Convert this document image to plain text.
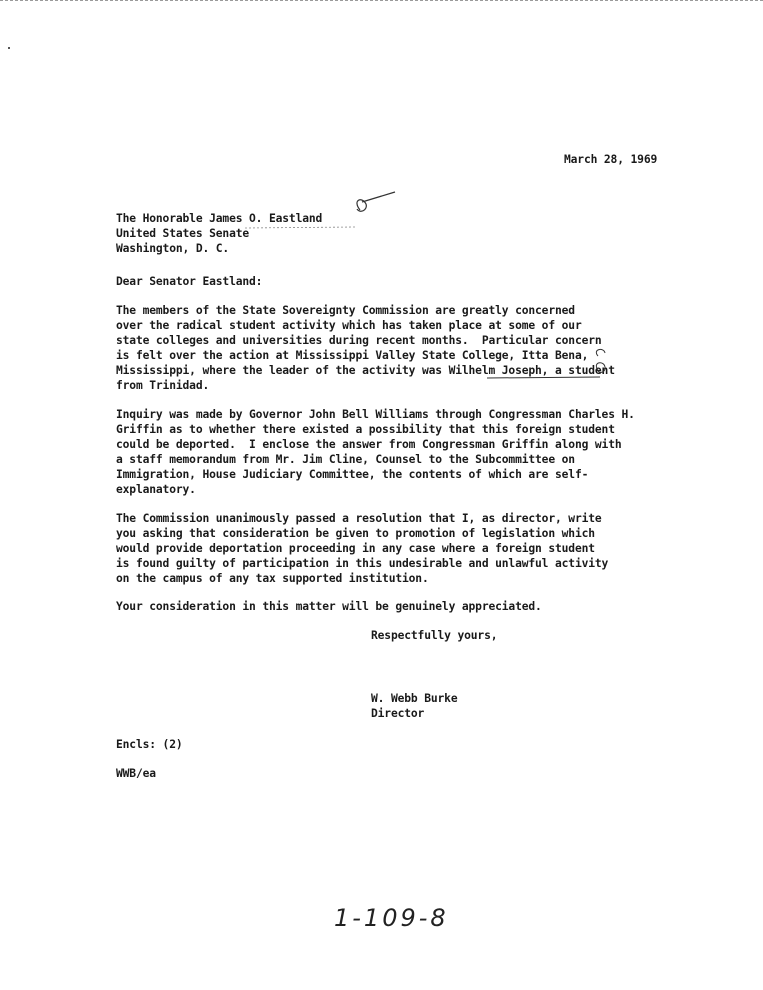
March 28, 1969
The Honorable James O. Eastland
United States Senate
Washington, D. C.
Dear Senator Eastland:
The members of the State Sovereignty Commission are greatly concerned
over the radical student activity which has taken place at some of our
state colleges and universities during recent months.  Particular concern
is felt over the action at Mississippi Valley State College, Itta Bena,
Mississippi, where the leader of the activity was Wilhelm Joseph, a student
from Trinidad.
Inquiry was made by Governor John Bell Williams through Congressman Charles H.
Griffin as to whether there existed a possibility that this foreign student
could be deported.  I enclose the answer from Congressman Griffin along with
a staff memorandum from Mr. Jim Cline, Counsel to the Subcommittee on
Immigration, House Judiciary Committee, the contents of which are self-
explanatory.
The Commission unanimously passed a resolution that I, as director, write
you asking that consideration be given to promotion of legislation which
would provide deportation proceeding in any case where a foreign student
is found guilty of participation in this undesirable and unlawful activity
on the campus of any tax supported institution.
Your consideration in this matter will be genuinely appreciated.
Respectfully yours,
W. Webb Burke
Director
Encls: (2)
WWB/ea
1-109-8
